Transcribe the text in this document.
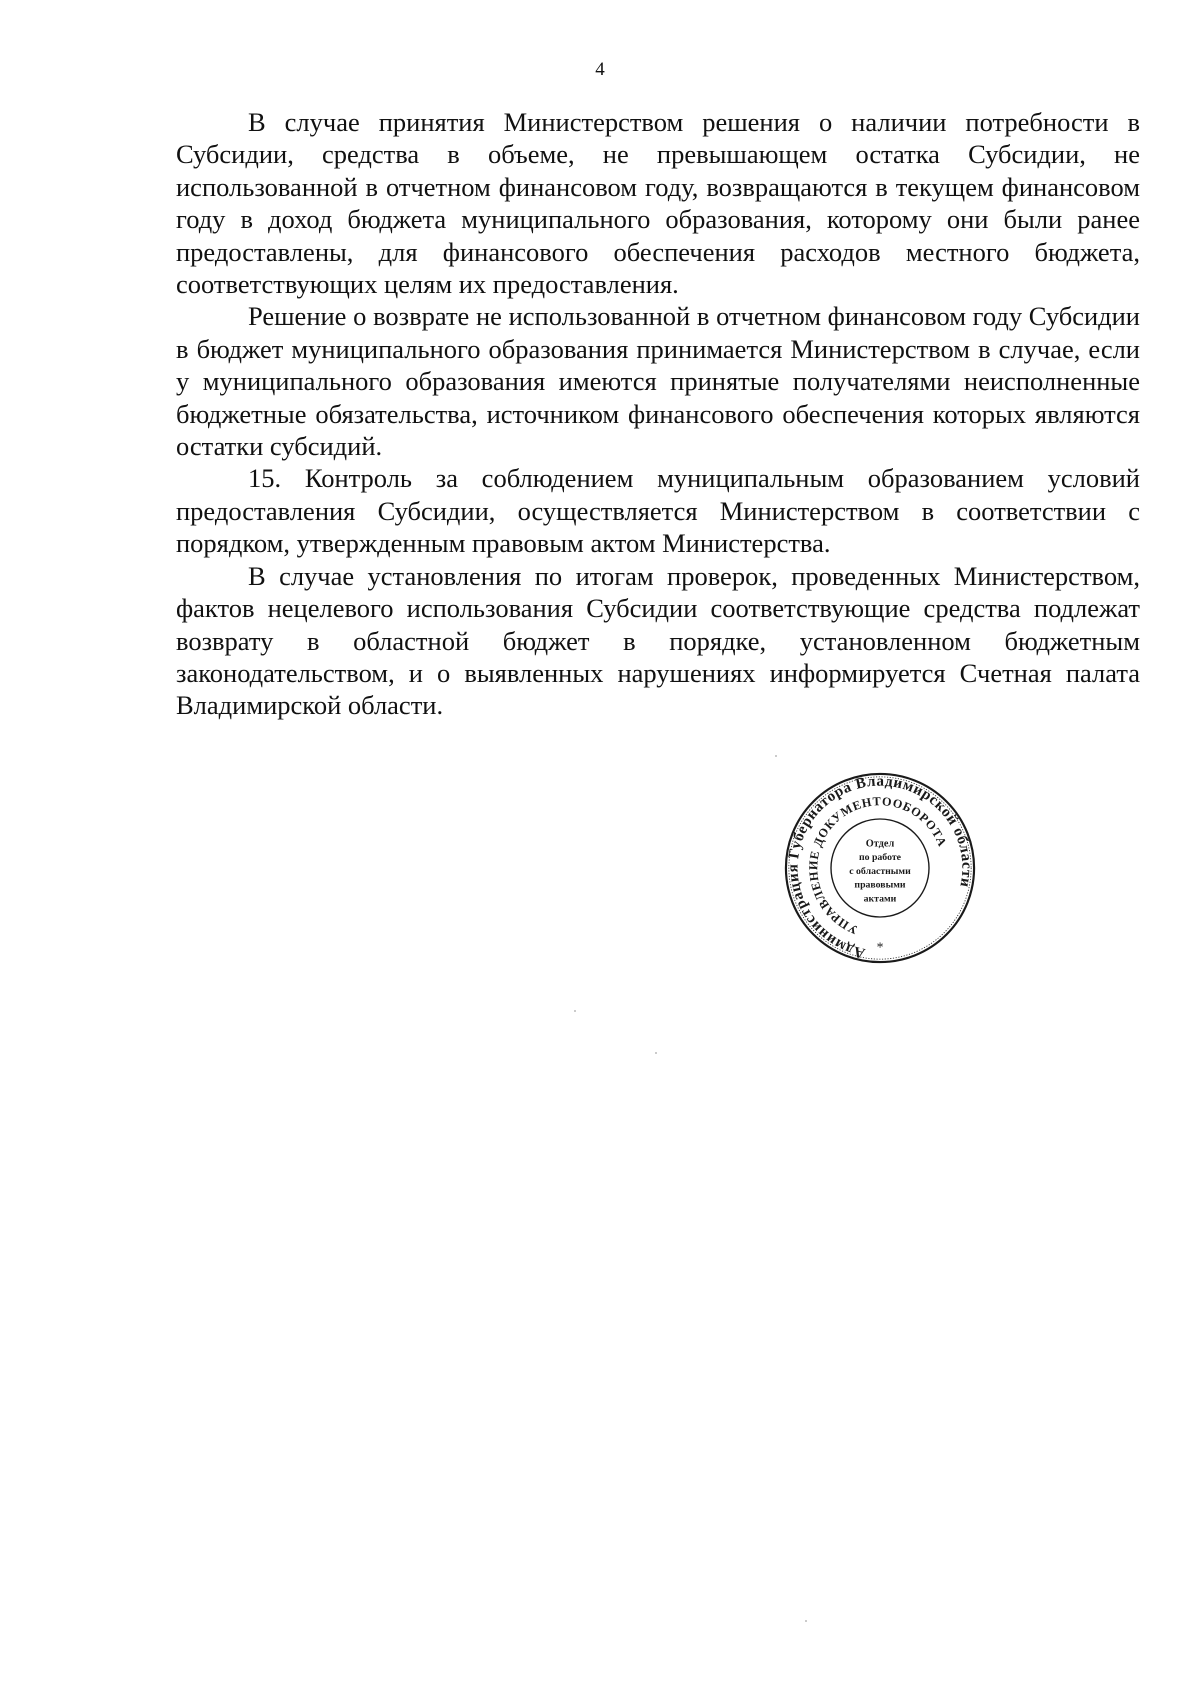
4

В случае принятия Министерством решения о наличии потребности в Субсидии, средства в объеме, не превышающем остатка Субсидии, не использованной в отчетном финансовом году, возвращаются в текущем финансовом году в доход бюджета муниципального образования, которому они были ранее предоставлены, для финансового обеспечения расходов местного бюджета, соответствующих целям их предоставления.

Решение о возврате не использованной в отчетном финансовом году Субсидии в бюджет муниципального образования принимается Министерством в случае, если у муниципального образования имеются принятые получателями неисполненные бюджетные обязательства, источником финансового обеспечения которых являются остатки субсидий.

15. Контроль за соблюдением муниципальным образованием условий предоставления Субсидии, осуществляется Министерством в соответствии с порядком, утвержденным правовым актом Министерства.

В случае установления по итогам проверок, проведенных Министерством, фактов нецелевого использования Субсидии соответствующие средства подлежат возврату в областной бюджет в порядке, установленном бюджетным законодательством, и о выявленных нарушениях информируется Счетная палата Владимирской области.

Администрация Губернатора Владимирской области
УПРАВЛЕНИЕ ДОКУМЕНТООБОРОТА
*
Отдел
по работе
с областными
правовыми
актами
